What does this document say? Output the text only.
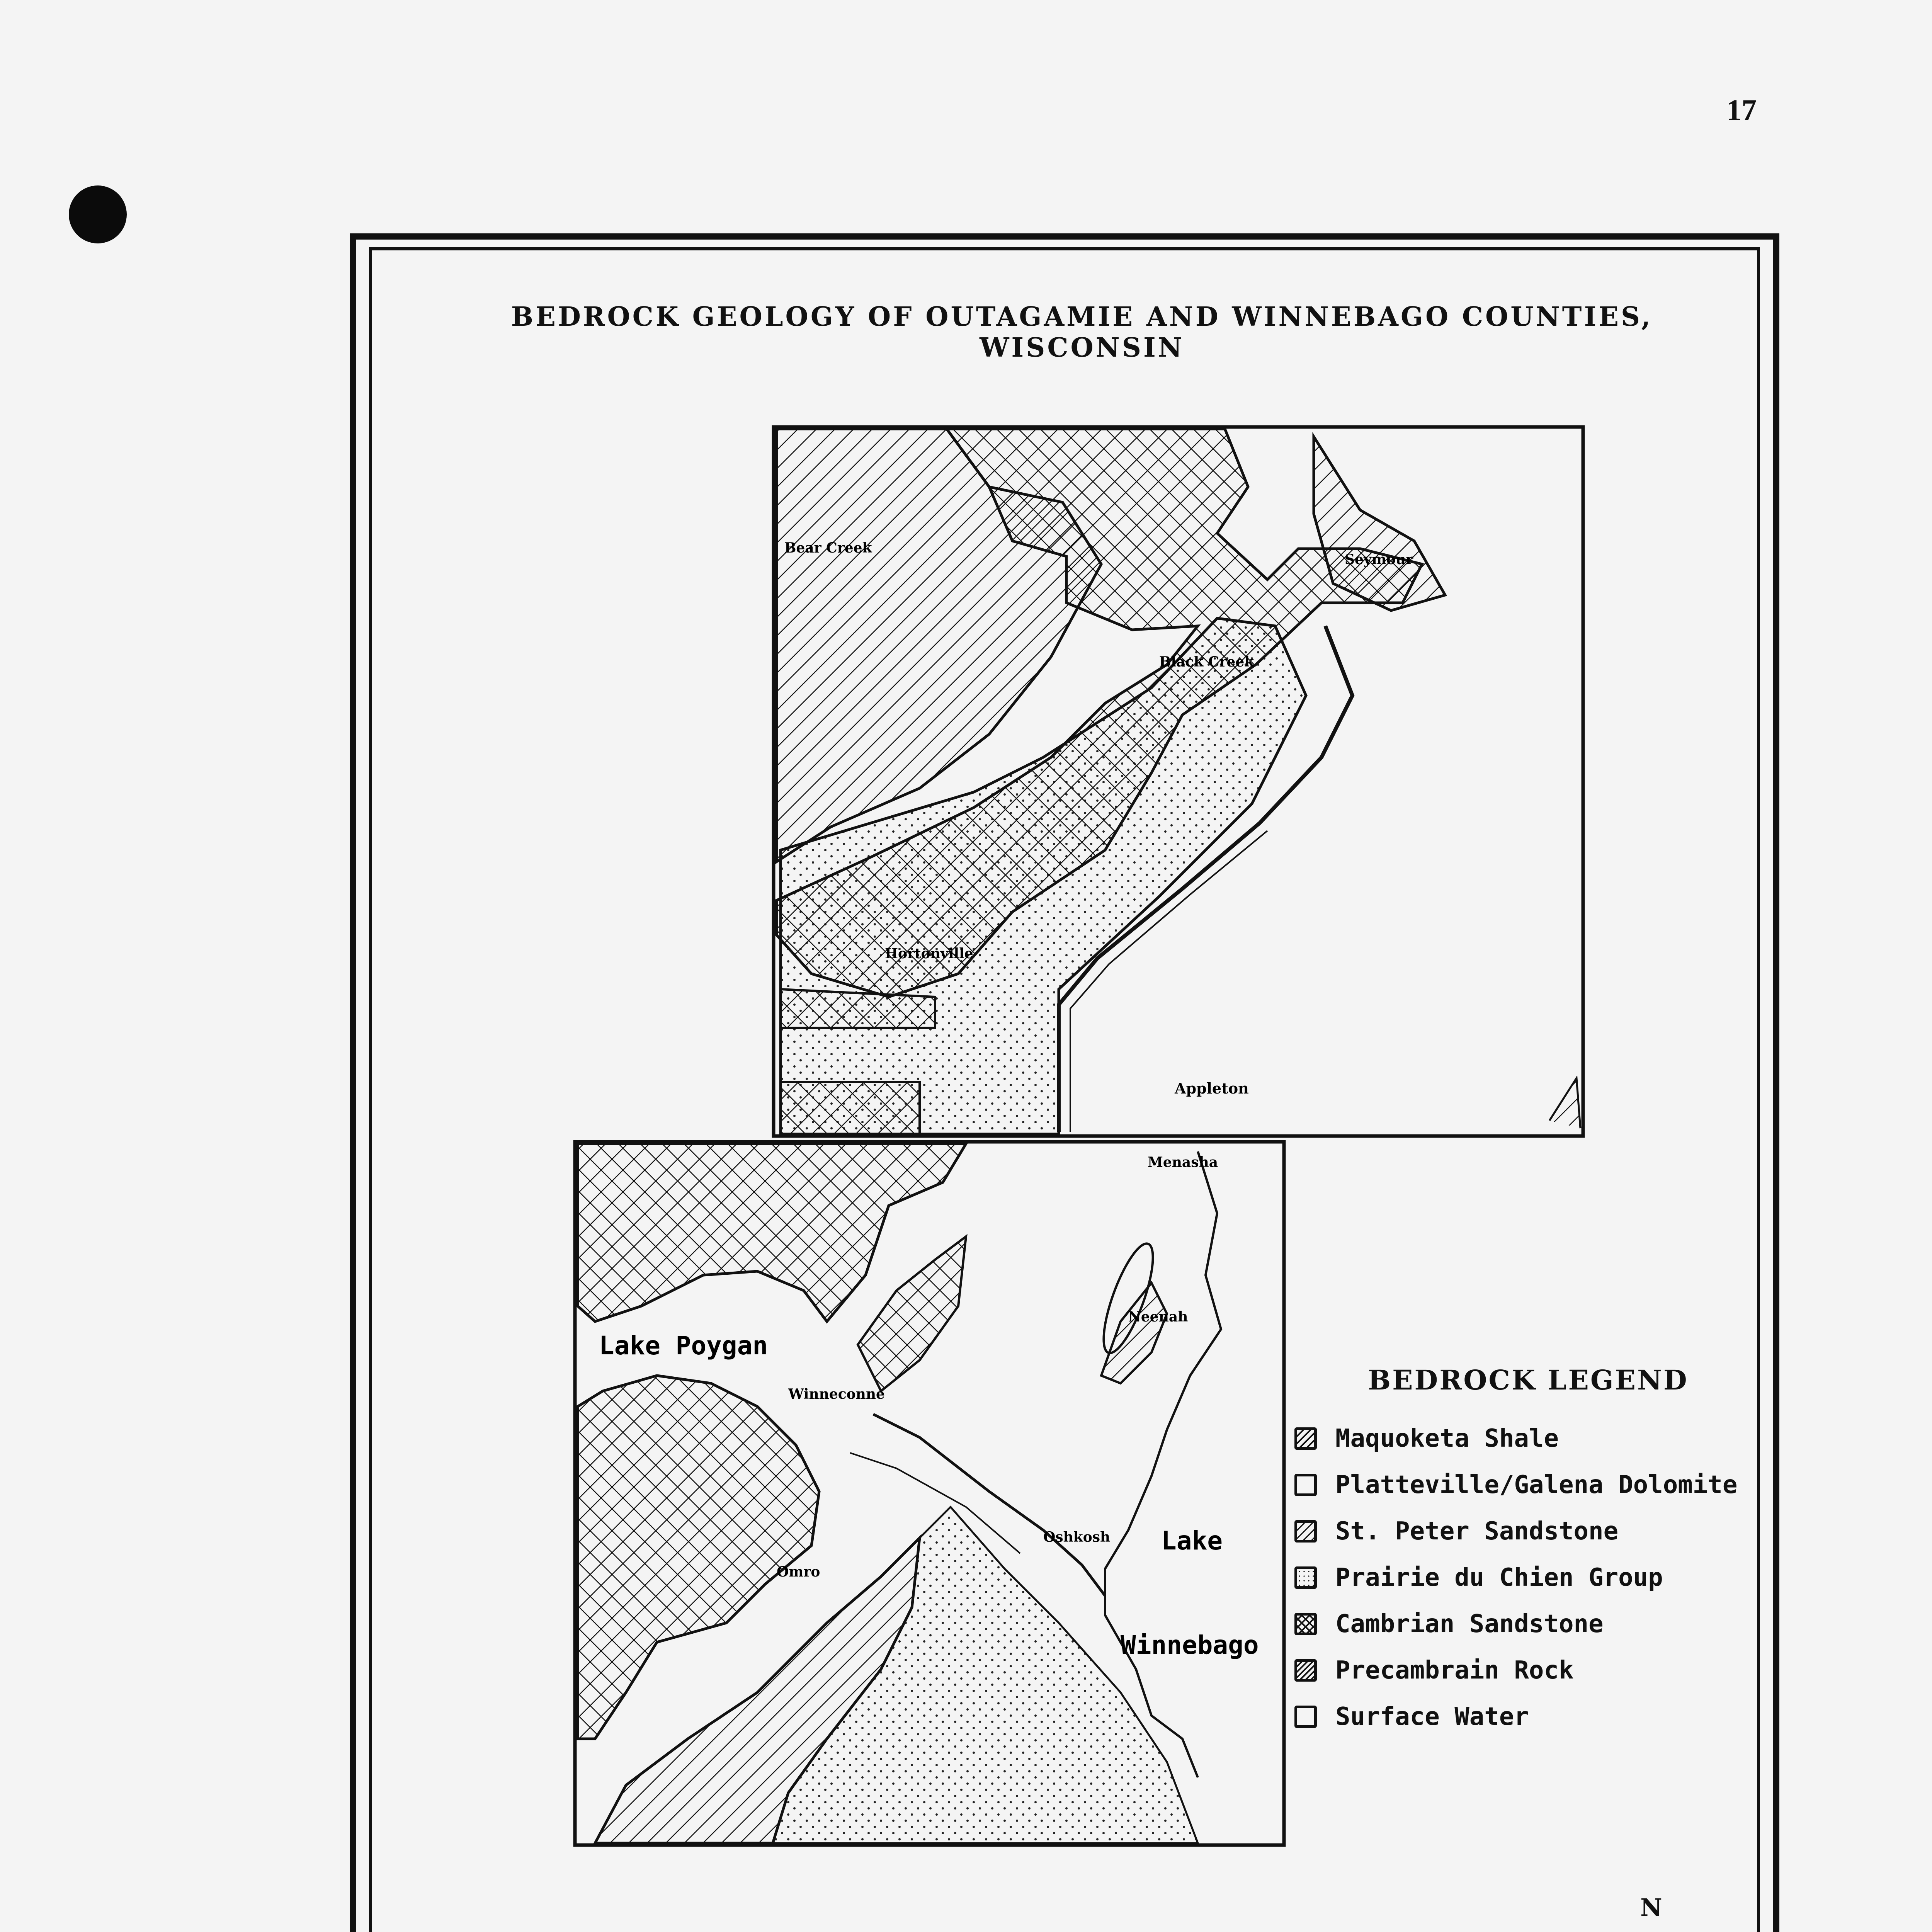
17
BEDROCK GEOLOGY OF OUTAGAMIE AND WINNEBAGO COUNTIES, WISCONSIN
Bear Creek
Seymour
Black Creek
Hortonville
Appleton
Menasha
Neenah
Winneconne
Omro
Oshkosh
Lake Poygan
Lake
Winnebago
N
BEDROCK LEGEND
Maquoketa Shale
Platteville/Galena Dolomite
St. Peter Sandstone
Prairie du Chien Group
Cambrian Sandstone
Precambrain Rock
Surface Water
